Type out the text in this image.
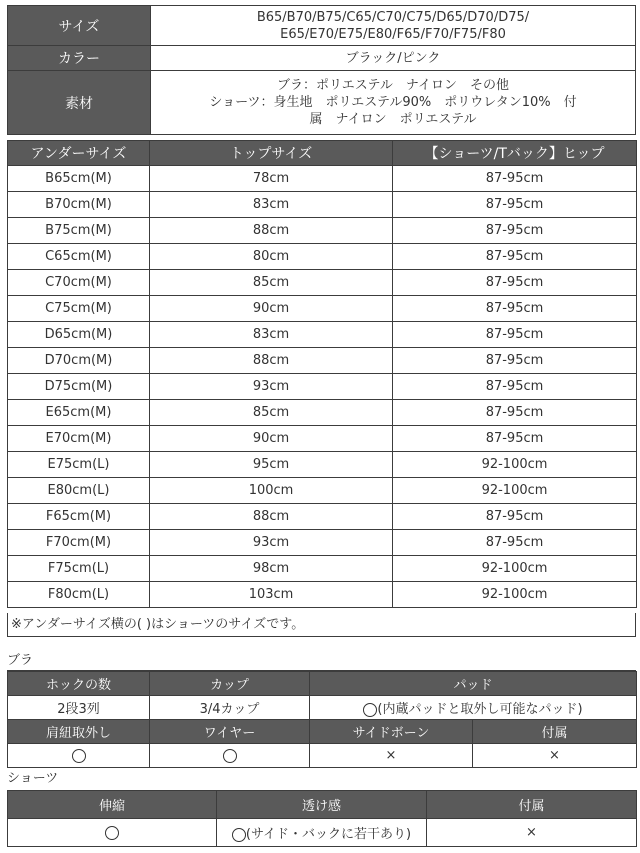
サイズ	B65/B70/B75/C65/C70/C75/D65/D70/D75/
E65/E70/E75/E80/F65/F70/F75/F80

カラー	ブラック/ピンク
素材	ブラ：ポリエステル　ナイロン　その他
ショーツ：身生地　ポリエステル90%　ポリウレタン10%　付
属　ナイロン　ポリエステル
アンダーサイズ	トップサイズ	【ショーツ/Tバック】ヒップ
B65cm(M)	78cm	87-95cm
B70cm(M)	83cm	87-95cm
B75cm(M)	88cm	87-95cm
C65cm(M)	80cm	87-95cm
C70cm(M)	85cm	87-95cm
C75cm(M)	90cm	87-95cm
D65cm(M)	83cm	87-95cm
D70cm(M)	88cm	87-95cm
D75cm(M)	93cm	87-95cm
E65cm(M)	85cm	87-95cm
E70cm(M)	90cm	87-95cm
E75cm(L)	95cm	92-100cm
E80cm(L)	100cm	92-100cm
F65cm(M)	88cm	87-95cm
F70cm(M)	93cm	87-95cm
F75cm(L)	98cm	92-100cm
F80cm(L)	103cm	92-100cm
※アンダーサイズ横の( )はショーツのサイズです。
ブラ
ホックの数	カップ	パッド	
2段3列	3/4カップ	(内蔵パッドと取外し可能なパッド)	
肩紐取外し	ワイヤー	サイドボーン	付属
		×	×
ショーツ
伸縮	透け感	付属
	(サイド・バックに若干あり)	×
